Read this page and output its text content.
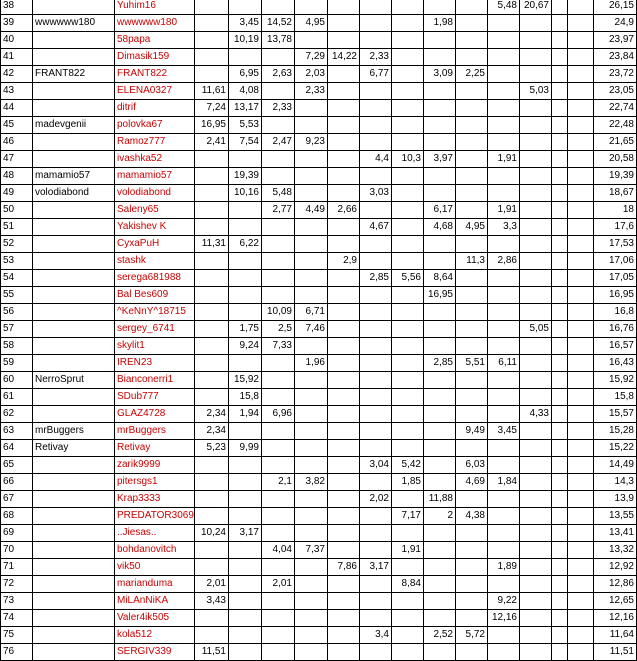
38		Yuhim16										5,48	20,67			26,15
39	wwwwww180	wwwwww180		3,45	14,52	4,95				1,98						24,9
40		58papa		10,19	13,78											23,97
41		Dimasik159				7,29	14,22	2,33								23,84
42	FRANT822	FRANT822		6,95	2,63	2,03		6,77		3,09	2,25					23,72
43		ELENA0327	11,61	4,08		2,33							5,03			23,05
44		ditrif	7,24	13,17	2,33											22,74
45	madevgenii	polovka67	16,95	5,53												22,48
46		Ramoz777	2,41	7,54	2,47	9,23										21,65
47		ivashka52						4,4	10,3	3,97		1,91				20,58
48	mamamio57	mamamio57		19,39												19,39
49	volodiabond	volodiabond		10,16	5,48			3,03								18,67
50		Saleny65			2,77	4,49	2,66			6,17		1,91				18
51		Yakishev K						4,67		4,68	4,95	3,3				17,6
52		CyxaPuH	11,31	6,22												17,53
53		stashk					2,9				11,3	2,86				17,06
54		serega681988						2,85	5,56	8,64						17,05
55		Bal Bes609								16,95						16,95
56		^KeNnY^18715			10,09	6,71										16,8
57		sergey_6741		1,75	2,5	7,46							5,05			16,76
58		skylit1		9,24	7,33											16,57
59		IREN23				1,96				2,85	5,51	6,11				16,43
60	NerroSprut	Bianconerri1		15,92												15,92
61		SDub777		15,8												15,8
62		GLAZ4728	2,34	1,94	6,96								4,33			15,57
63	mrBuggers	mrBuggers	2,34								9,49	3,45				15,28
64	Retivay	Retivay	5,23	9,99												15,22
65		zarik9999						3,04	5,42		6,03					14,49
66		pitersgs1			2,1	3,82			1,85		4,69	1,84				14,3
67		Krap3333						2,02		11,88						13,9
68		PREDATOR3069							7,17	2	4,38					13,55
69		..Jiesas..	10,24	3,17												13,41
70		bohdanovitch			4,04	7,37			1,91							13,32
71		vik50					7,86	3,17				1,89				12,92
72		marianduma	2,01		2,01				8,84							12,86
73		MiLAnNiKA	3,43									9,22				12,65
74		Valer4ik505										12,16				12,16
75		kola512						3,4		2,52	5,72					11,64
76		SERGIV339	11,51													11,51
